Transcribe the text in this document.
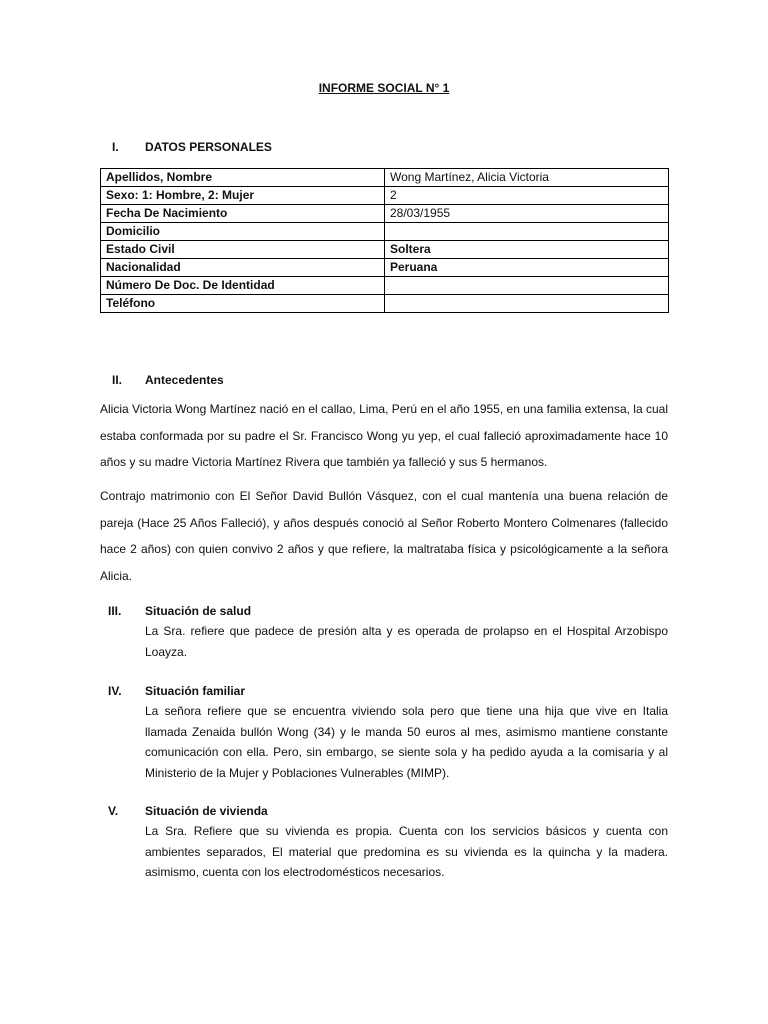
INFORME SOCIAL N° 1
I. DATOS PERSONALES
Apellidos, Nombre	Wong Martínez, Alicia Victoria
Sexo: 1: Hombre, 2: Mujer	2
Fecha De Nacimiento	28/03/1955
Domicilio	
Estado Civil	Soltera
Nacionalidad	Peruana
Número De Doc. De Identidad	
Teléfono	
II. Antecedentes
Alicia Victoria Wong Martínez nació en el callao, Lima, Perú en el año 1955, en una familia extensa, la cual estaba conformada por su padre el Sr. Francisco Wong yu yep, el cual falleció aproximadamente hace 10 años y su madre Victoria Martínez Rivera que también ya falleció y sus 5 hermanos.
Contrajo matrimonio con El Señor David Bullón Vásquez, con el cual mantenía una buena relación de pareja (Hace 25 Años Falleció), y años después conoció al Señor Roberto Montero Colmenares (fallecido hace 2 años) con quien convivo 2 años y que refiere, la maltrataba física y psicológicamente a la señora Alicia.
III. Situación de salud
La Sra. refiere que padece de presión alta y es operada de prolapso en el Hospital Arzobispo Loayza.
IV. Situación familiar
La señora refiere que se encuentra viviendo sola pero que tiene una hija que vive en Italia llamada Zenaida bullón Wong (34) y le manda 50 euros al mes, asimismo mantiene constante comunicación con ella. Pero, sin embargo, se siente sola y ha pedido ayuda a la comisaria y al Ministerio de la Mujer y Poblaciones Vulnerables (MIMP).
V. Situación de vivienda
La Sra. Refiere que su vivienda es propia. Cuenta con los servicios básicos y cuenta con ambientes separados, El material que predomina es su vivienda es la quincha y la madera. asimismo, cuenta con los electrodomésticos necesarios.
